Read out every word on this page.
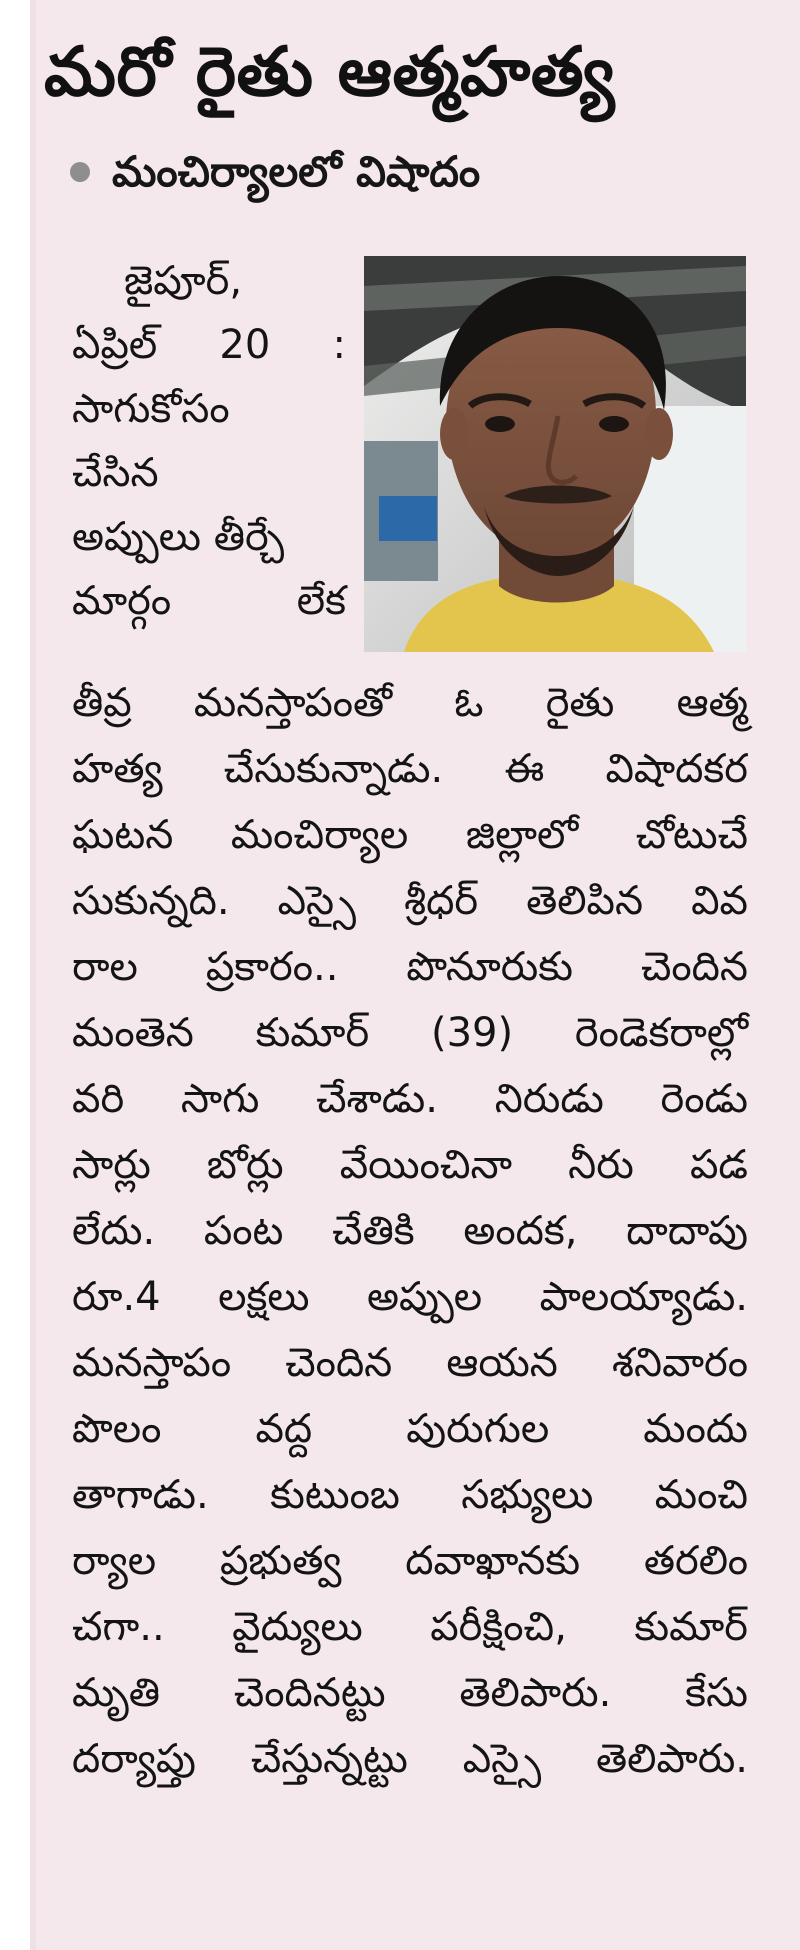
మరో రైతు ఆత్మహత్య
మంచిర్యాలలో విషాదం
జైపూర్,
ఏప్రిల్ 20 :
సాగుకోసం
చేసిన
అప్పులు తీర్చే
మార్గం లేక
తీవ్ర మనస్తాపంతో ఓ రైతు ఆత్మ
హత్య చేసుకున్నాడు. ఈ విషాదకర
ఘటన మంచిర్యాల జిల్లాలో చోటుచే
సుకున్నది. ఎస్సై శ్రీధర్ తెలిపిన వివ
రాల ప్రకారం.. పొనూరుకు చెందిన
మంతెన కుమార్ (39) రెండెకరాల్లో
వరి సాగు చేశాడు. నిరుడు రెండు
సార్లు బోర్లు వేయించినా నీరు పడ
లేదు. పంట చేతికి అందక, దాదాపు
రూ.4 లక్షలు అప్పుల పాలయ్యాడు.
మనస్తాపం చెందిన ఆయన శనివారం
పొలం వద్ద పురుగుల మందు
తాగాడు. కుటుంబ సభ్యులు మంచి
ర్యాల ప్రభుత్వ దవాఖానకు తరలిం
చగా.. వైద్యులు పరీక్షించి, కుమార్
మృతి చెందినట్టు తెలిపారు. కేసు
దర్యాప్తు చేస్తున్నట్టు ఎస్సై తెలిపారు.
